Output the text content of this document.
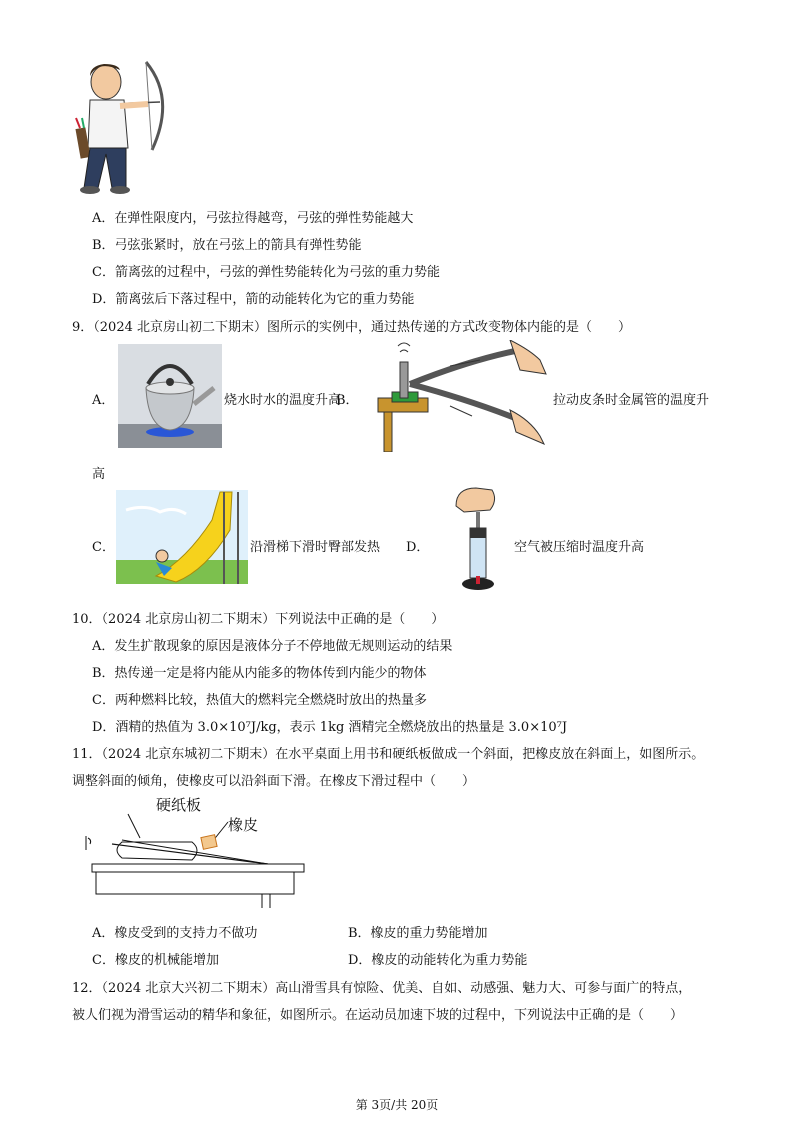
A．在弹性限度内，弓弦拉得越弯，弓弦的弹性势能越大
B．弓弦张紧时，放在弓弦上的箭具有弹性势能
C．箭离弦的过程中，弓弦的弹性势能转化为弓弦的重力势能
D．箭离弦后下落过程中，箭的动能转化为它的重力势能
9．（2024 北京房山初二下期末）图所示的实例中，通过热传递的方式改变物体内能的是（　　）
A．	烧水时水的温度升高
B．	拉动皮条时金属管的温度升
高
C．	沿滑梯下滑时臀部发热 D．	空气被压缩时温度升高
10．（2024 北京房山初二下期末）下列说法中正确的是（　　）
A．发生扩散现象的原因是液体分子不停地做无规则运动的结果
B．热传递一定是将内能从内能多的物体传到内能少的物体
C．两种燃料比较，热值大的燃料完全燃烧时放出的热量多
D．酒精的热值为 3.0×10⁷J/kg，表示 1kg 酒精完全燃烧放出的热量是 3.0×10⁷J
11．（2024 北京东城初二下期末）在水平桌面上用书和硬纸板做成一个斜面，把橡皮放在斜面上，如图所示。
调整斜面的倾角，使橡皮可以沿斜面下滑。在橡皮下滑过程中（　　）
硬纸板
橡皮
A．橡皮受到的支持力不做功	B．橡皮的重力势能增加
C．橡皮的机械能增加	D．橡皮的动能转化为重力势能
12．（2024 北京大兴初二下期末）高山滑雪具有惊险、优美、自如、动感强、魅力大、可参与面广的特点，
被人们视为滑雪运动的精华和象征，如图所示。在运动员加速下坡的过程中，下列说法中正确的是（　　）
第 3页/共 20页
